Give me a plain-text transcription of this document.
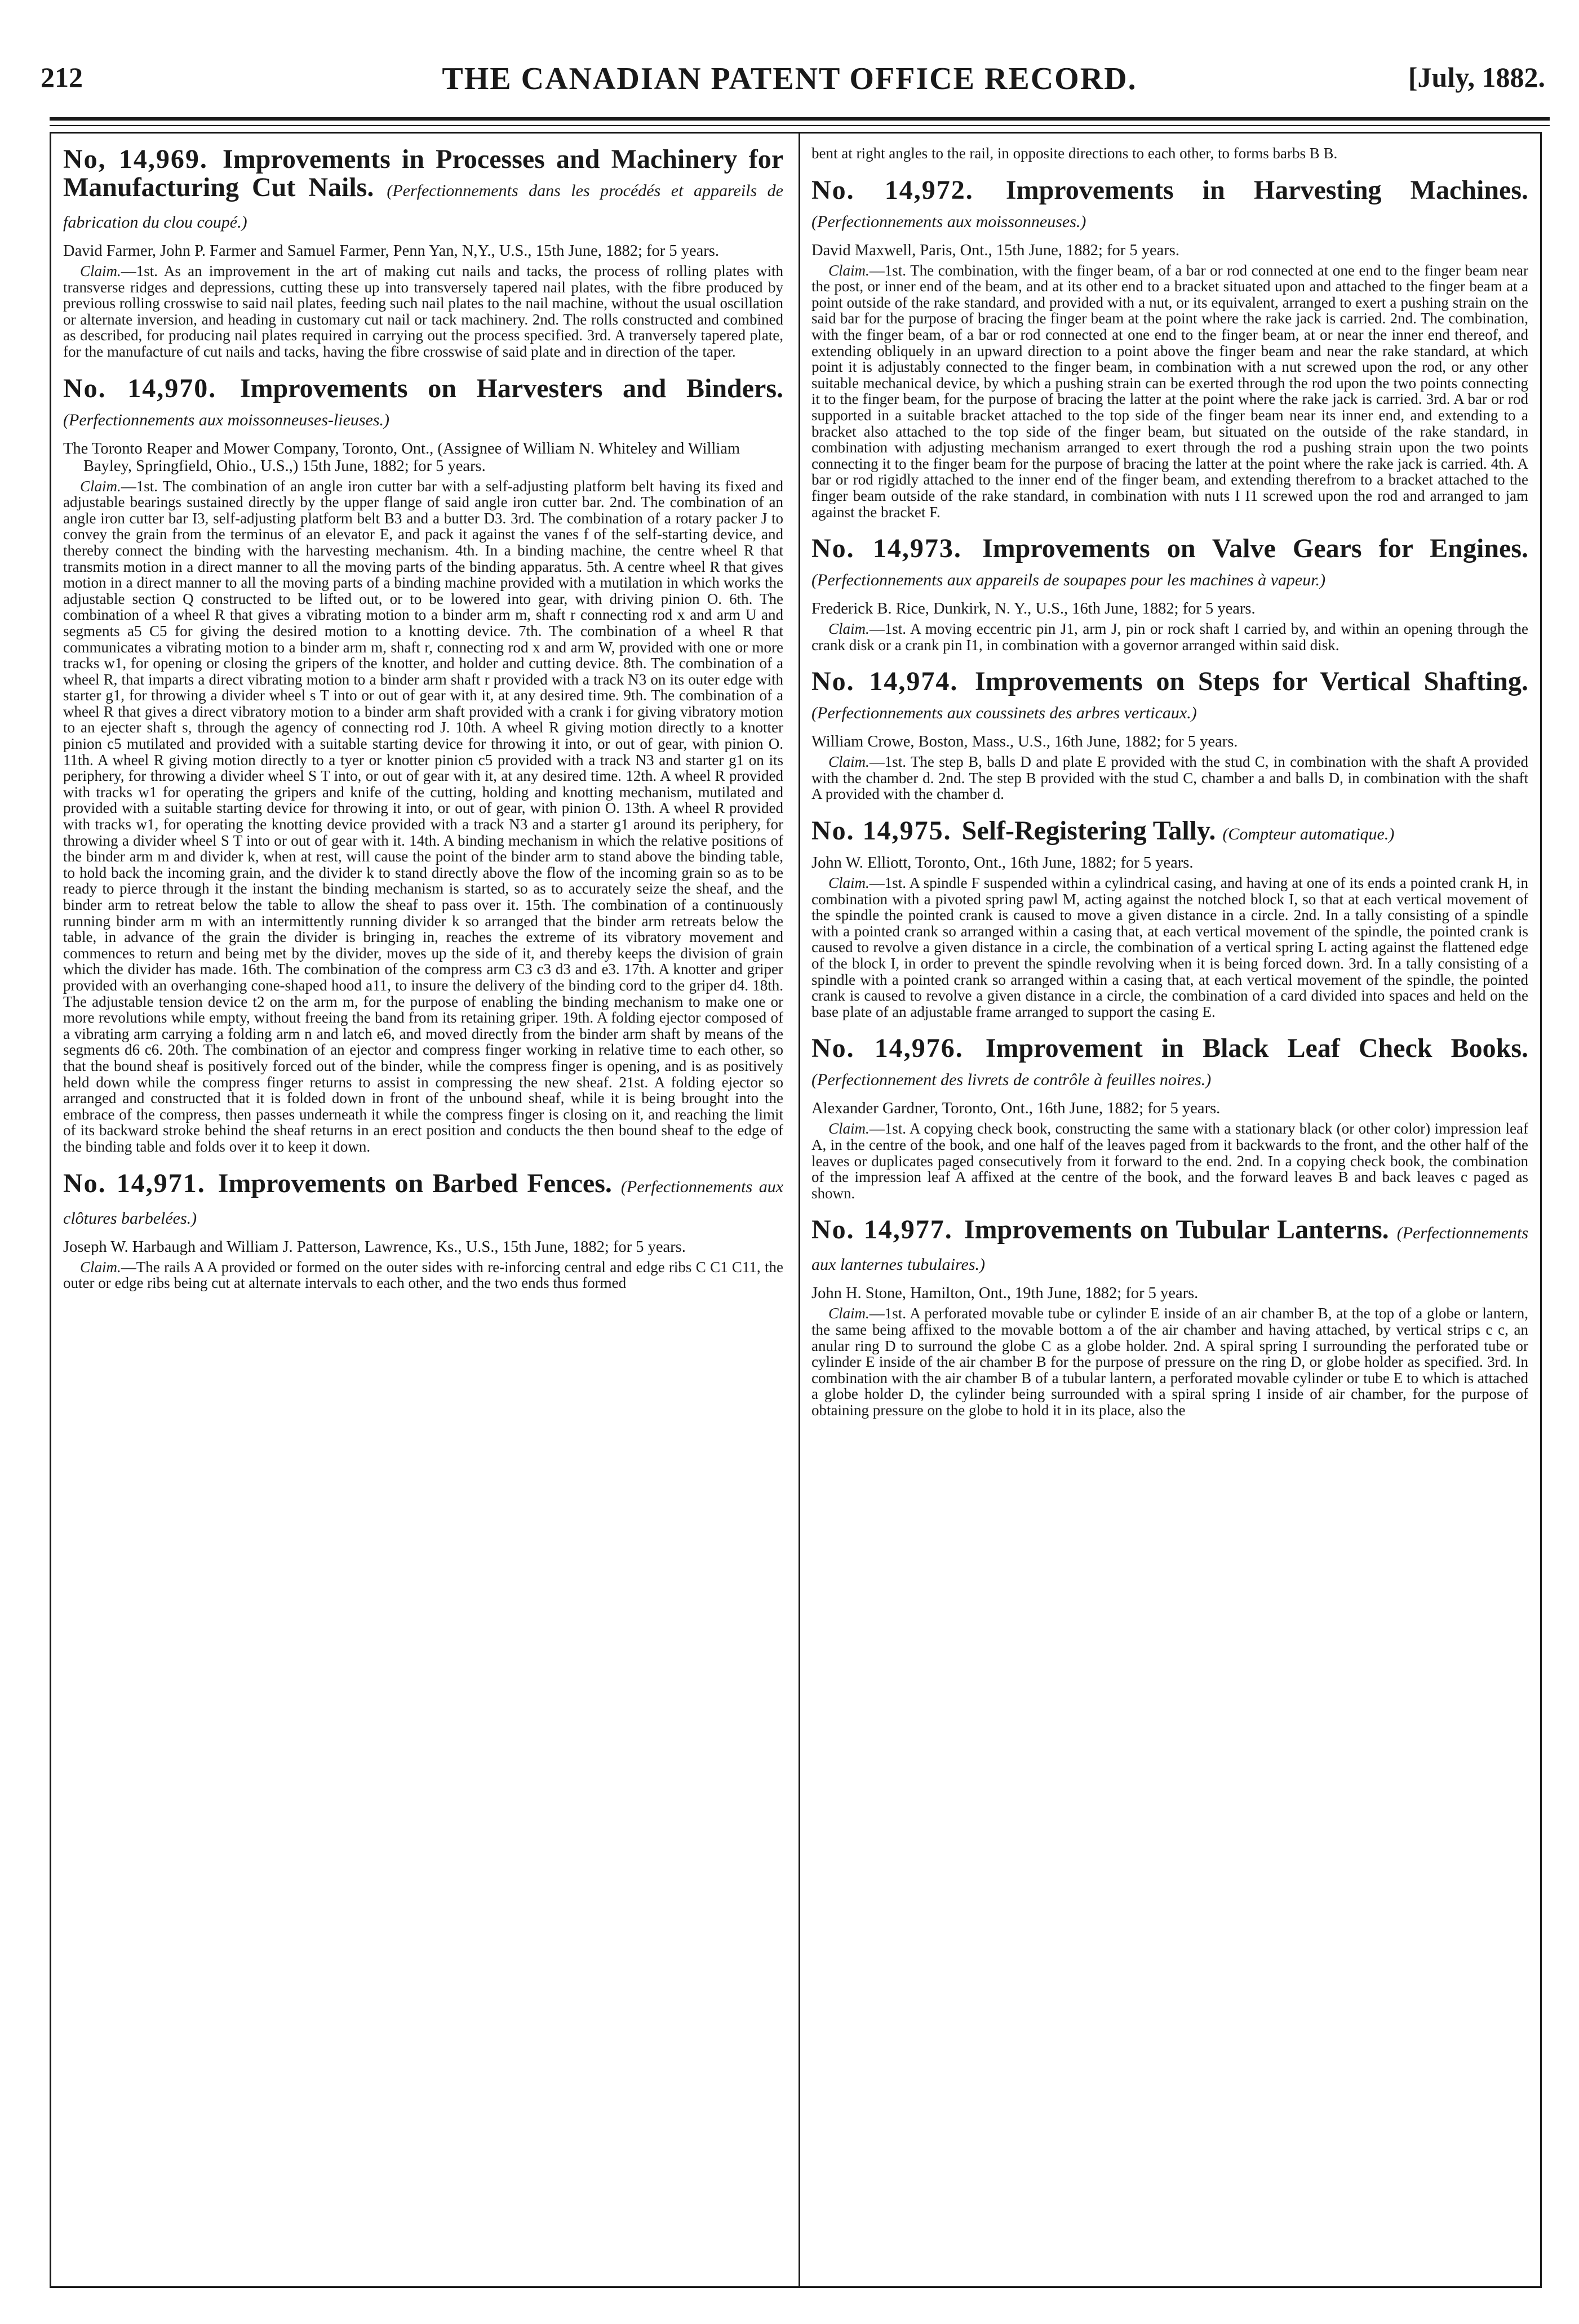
212	THE CANADIAN PATENT OFFICE RECORD.	[July, 1882.
No, 14,969. Improvements in Processes and Machinery for Manufacturing Cut Nails. ( Perfectionnements dans les procédés et appareils de fabrication du clou coupé. )

David Farmer, John P. Farmer and Samuel Farmer, Penn Yan, N,Y., U.S., 15th June, 1882; for 5 years.

Claim.—1st. As an improvement in the art of making cut nails and tacks, the process of rolling plates with transverse ridges and depressions, cutting these up into transversely tapered nail plates, with the fibre produced by previous rolling crosswise to said nail plates, feeding such nail plates to the nail machine, without the usual oscillation or alternate inversion, and heading in customary cut nail or tack machinery. 2nd. The rolls constructed and combined as described, for producing nail plates required in carrying out the process specified. 3rd. A tranversely tapered plate, for the manufacture of cut nails and tacks, having the fibre crosswise of said plate and in direction of the taper.

No. 14,970. Improvements on Harvesters and Binders. ( Perfectionnements aux moissonneuses-lieuses. )

The Toronto Reaper and Mower Company, Toronto, Ont., (Assignee of William N. Whiteley and William Bayley, Springfield, Ohio., U.S.,) 15th June, 1882; for 5 years.

Claim.—1st. The combination of an angle iron cutter bar with a self-adjusting platform belt having its fixed and adjustable bearings sustained directly by the upper flange of said angle iron cutter bar. 2nd. The combination of an angle iron cutter bar I3, self-adjusting platform belt B3 and a butter D3. 3rd. The combination of a rotary packer J to convey the grain from the terminus of an elevator E, and pack it against the vanes f of the self-starting device, and thereby connect the binding with the harvesting mechanism. 4th. In a binding machine, the centre wheel R that transmits motion in a direct manner to all the moving parts of the binding apparatus. 5th. A centre wheel R that gives motion in a direct manner to all the moving parts of a binding machine provided with a mutilation in which works the adjustable section Q constructed to be lifted out, or to be lowered into gear, with driving pinion O. 6th. The combination of a wheel R that gives a vibrating motion to a binder arm m, shaft r connecting rod x and arm U and segments a5 C5 for giving the desired motion to a knotting device. 7th. The combination of a wheel R that communicates a vibrating motion to a binder arm m, shaft r, connecting rod x and arm W, provided with one or more tracks w1, for opening or closing the gripers of the knotter, and holder and cutting device. 8th. The combination of a wheel R, that imparts a direct vibrating motion to a binder arm shaft r provided with a track N3 on its outer edge with starter g1, for throwing a divider wheel s T into or out of gear with it, at any desired time. 9th. The combination of a wheel R that gives a direct vibratory motion to a binder arm shaft provided with a crank i for giving vibratory motion to an ejecter shaft s, through the agency of connecting rod J. 10th. A wheel R giving motion directly to a knotter pinion c5 mutilated and provided with a suitable starting device for throwing it into, or out of gear, with pinion O. 11th. A wheel R giving motion directly to a tyer or knotter pinion c5 provided with a track N3 and starter g1 on its periphery, for throwing a divider wheel S T into, or out of gear with it, at any desired time. 12th. A wheel R provided with tracks w1 for operating the gripers and knife of the cutting, holding and knotting mechanism, mutilated and provided with a suitable starting device for throwing it into, or out of gear, with pinion O. 13th. A wheel R provided with tracks w1, for operating the knotting device provided with a track N3 and a starter g1 around its periphery, for throwing a divider wheel S T into or out of gear with it. 14th. A binding mechanism in which the relative positions of the binder arm m and divider k, when at rest, will cause the point of the binder arm to stand above the binding table, to hold back the incoming grain, and the divider k to stand directly above the flow of the incoming grain so as to be ready to pierce through it the instant the binding mechanism is started, so as to accurately seize the sheaf, and the binder arm to retreat below the table to allow the sheaf to pass over it. 15th. The combination of a continuously running binder arm m with an intermittently running divider k so arranged that the binder arm retreats below the table, in advance of the grain the divider is bringing in, reaches the extreme of its vibratory movement and commences to return and being met by the divider, moves up the side of it, and thereby keeps the division of grain which the divider has made. 16th. The combination of the compress arm C3 c3 d3 and e3. 17th. A knotter and griper provided with an overhanging cone-shaped hood a11, to insure the delivery of the binding cord to the griper d4. 18th. The adjustable tension device t2 on the arm m, for the purpose of enabling the binding mechanism to make one or more revolutions while empty, without freeing the band from its retaining griper. 19th. A folding ejector composed of a vibrating arm carrying a folding arm n and latch e6, and moved directly from the binder arm shaft by means of the segments d6 c6. 20th. The combination of an ejector and compress finger working in relative time to each other, so that the bound sheaf is positively forced out of the binder, while the compress finger is opening, and is as positively held down while the compress finger returns to assist in compressing the new sheaf. 21st. A folding ejector so arranged and constructed that it is folded down in front of the unbound sheaf, while it is being brought into the embrace of the compress, then passes underneath it while the compress finger is closing on it, and reaching the limit of its backward stroke behind the sheaf returns in an erect position and conducts the then bound sheaf to the edge of the binding table and folds over it to keep it down.

No. 14,971. Improvements on Barbed Fences. ( Perfectionnements aux clôtures barbelées. )

Joseph W. Harbaugh and William J. Patterson, Lawrence, Ks., U.S., 15th June, 1882; for 5 years.

Claim.—The rails A A provided or formed on the outer sides with re-inforcing central and edge ribs C C1 C11, the outer or edge ribs being cut at alternate intervals to each other, and the two ends thus formed

bent at right angles to the rail, in opposite directions to each other, to forms barbs B B.

No. 14,972. Improvements in Harvesting Machines. ( Perfectionnements aux moissonneuses. )

David Maxwell, Paris, Ont., 15th June, 1882; for 5 years.

Claim.—1st. The combination, with the finger beam, of a bar or rod connected at one end to the finger beam near the post, or inner end of the beam, and at its other end to a bracket situated upon and attached to the finger beam at a point outside of the rake standard, and provided with a nut, or its equivalent, arranged to exert a pushing strain on the said bar for the purpose of bracing the finger beam at the point where the rake jack is carried. 2nd. The combination, with the finger beam, of a bar or rod connected at one end to the finger beam, at or near the inner end thereof, and extending obliquely in an upward direction to a point above the finger beam and near the rake standard, at which point it is adjustably connected to the finger beam, in combination with a nut screwed upon the rod, or any other suitable mechanical device, by which a pushing strain can be exerted through the rod upon the two points connecting it to the finger beam, for the purpose of bracing the latter at the point where the rake jack is carried. 3rd. A bar or rod supported in a suitable bracket attached to the top side of the finger beam near its inner end, and extending to a bracket also attached to the top side of the finger beam, but situated on the outside of the rake standard, in combination with adjusting mechanism arranged to exert through the rod a pushing strain upon the two points connecting it to the finger beam for the purpose of bracing the latter at the point where the rake jack is carried. 4th. A bar or rod rigidly attached to the inner end of the finger beam, and extending therefrom to a bracket attached to the finger beam outside of the rake standard, in combination with nuts I I1 screwed upon the rod and arranged to jam against the bracket F.

No. 14,973. Improvements on Valve Gears for Engines. ( Perfectionnements aux appareils de soupapes pour les machines à vapeur. )

Frederick B. Rice, Dunkirk, N. Y., U.S., 16th June, 1882; for 5 years.

Claim.—1st. A moving eccentric pin J1, arm J, pin or rock shaft I carried by, and within an opening through the crank disk or a crank pin I1, in combination with a governor arranged within said disk.

No. 14,974. Improvements on Steps for Vertical Shafting. ( Perfectionnements aux coussinets des arbres verticaux. )

William Crowe, Boston, Mass., U.S., 16th June, 1882; for 5 years.

Claim.—1st. The step B, balls D and plate E provided with the stud C, in combination with the shaft A provided with the chamber d. 2nd. The step B provided with the stud C, chamber a and balls D, in combination with the shaft A provided with the chamber d.

No. 14,975. Self-Registering Tally. ( Compteur automatique. )

John W. Elliott, Toronto, Ont., 16th June, 1882; for 5 years.

Claim.—1st. A spindle F suspended within a cylindrical casing, and having at one of its ends a pointed crank H, in combination with a pivoted spring pawl M, acting against the notched block I, so that at each vertical movement of the spindle the pointed crank is caused to move a given distance in a circle. 2nd. In a tally consisting of a spindle with a pointed crank so arranged within a casing that, at each vertical movement of the spindle, the pointed crank is caused to revolve a given distance in a circle, the combination of a vertical spring L acting against the flattened edge of the block I, in order to prevent the spindle revolving when it is being forced down. 3rd. In a tally consisting of a spindle with a pointed crank so arranged within a casing that, at each vertical movement of the spindle, the pointed crank is caused to revolve a given distance in a circle, the combination of a card divided into spaces and held on the base plate of an adjustable frame arranged to support the casing E.

No. 14,976. Improvement in Black Leaf Check Books. ( Perfectionnement des livrets de contrôle à feuilles noires. )

Alexander Gardner, Toronto, Ont., 16th June, 1882; for 5 years.

Claim.—1st. A copying check book, constructing the same with a stationary black (or other color) impression leaf A, in the centre of the book, and one half of the leaves paged from it backwards to the front, and the other half of the leaves or duplicates paged consecutively from it forward to the end. 2nd. In a copying check book, the combination of the impression leaf A affixed at the centre of the book, and the forward leaves B and back leaves c paged as shown.

No. 14,977. Improvements on Tubular Lanterns. ( Perfectionnements aux lanternes tubulaires. )

John H. Stone, Hamilton, Ont., 19th June, 1882; for 5 years.

Claim.—1st. A perforated movable tube or cylinder E inside of an air chamber B, at the top of a globe or lantern, the same being affixed to the movable bottom a of the air chamber and having attached, by vertical strips c c, an anular ring D to surround the globe C as a globe holder. 2nd. A spiral spring I surrounding the perforated tube or cylinder E inside of the air chamber B for the purpose of pressure on the ring D, or globe holder as specified. 3rd. In combination with the air chamber B of a tubular lantern, a perforated movable cylinder or tube E to which is attached a globe holder D, the cylinder being surrounded with a spiral spring I inside of air chamber, for the purpose of obtaining pressure on the globe to hold it in its place, also the
